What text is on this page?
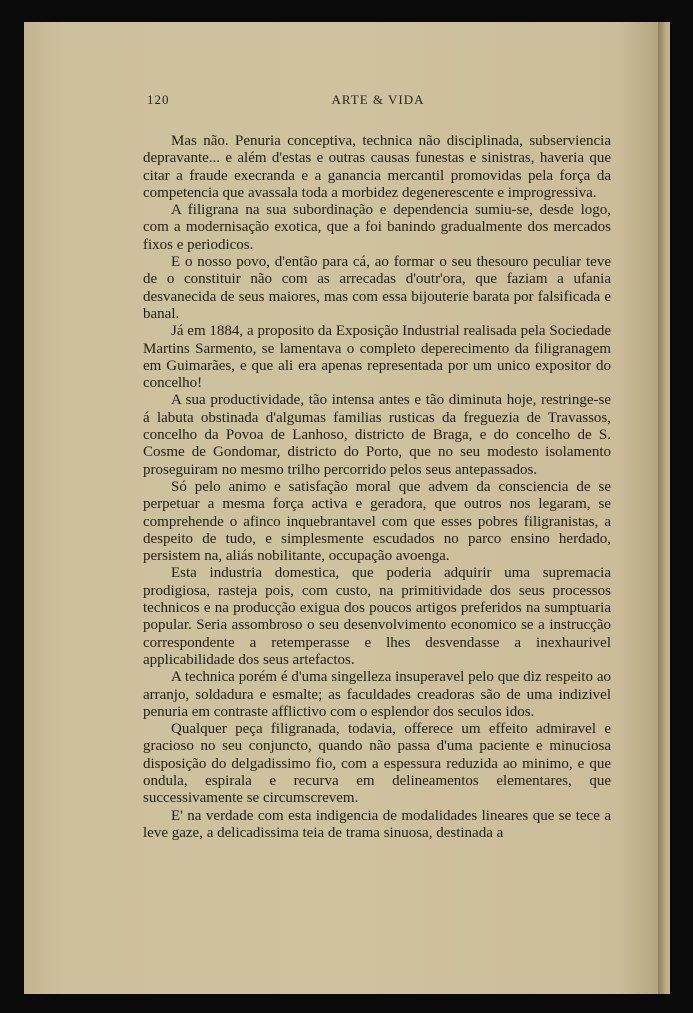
120	ARTE & VIDA

Mas não. Penuria conceptiva, technica não disciplinada, subserviencia depravante... e além d'estas e outras causas funestas e sinistras, haveria que citar a fraude execranda e a ganancia mercantil promovidas pela força da competencia que avassala toda a morbidez degenerescente e improgressiva.

A filigrana na sua subordinação e dependencia sumiu-se, desde logo, com a modernisação exotica, que a foi banindo gradualmente dos mercados fixos e periodicos.

E o nosso povo, d'então para cá, ao formar o seu thesouro peculiar teve de o constituir não com as arrecadas d'outr'ora, que faziam a ufania desvanecida de seus maiores, mas com essa bijouterie barata por falsificada e banal.

Já em 1884, a proposito da Exposição Industrial realisada pela Sociedade Martins Sarmento, se lamentava o completo deperecimento da filigranagem em Guimarães, e que ali era apenas representada por um unico expositor do concelho!

A sua productividade, tão intensa antes e tão diminuta hoje, restringe-se á labuta obstinada d'algumas familias rusticas da freguezia de Travassos, concelho da Povoa de Lanhoso, districto de Braga, e do concelho de S. Cosme de Gondomar, districto do Porto, que no seu modesto isolamento proseguiram no mesmo trilho percorrido pelos seus antepassados.

Só pelo animo e satisfação moral que advem da consciencia de se perpetuar a mesma força activa e geradora, que outros nos legaram, se comprehende o afinco inquebrantavel com que esses pobres filigranistas, a despeito de tudo, e simplesmente escudados no parco ensino herdado, persistem na, aliás nobilitante, occupação avoenga.

Esta industria domestica, que poderia adquirir uma supremacia prodigiosa, rasteja pois, com custo, na primitividade dos seus processos technicos e na producção exigua dos poucos artigos preferidos na sumptuaria popular. Seria assombroso o seu desenvolvimento economico se a instrucção correspondente a retemperasse e lhes desvendasse a inexhaurivel applicabilidade dos seus artefactos.

A technica porém é d'uma singelleza insuperavel pelo que diz respeito ao arranjo, soldadura e esmalte; as faculdades creadoras são de uma indizivel penuria em contraste afflictivo com o esplendor dos seculos idos.

Qualquer peça filigranada, todavia, offerece um effeito admiravel e gracioso no seu conjuncto, quando não passa d'uma paciente e minuciosa disposição do delgadissimo fio, com a espessura reduzida ao minimo, e que ondula, espirala e recurva em delineamentos elementares, que successivamente se circumscrevem.

E' na verdade com esta indigencia de modalidades lineares que se tece a leve gaze, a delicadissima teia de trama sinuosa, destinada a
